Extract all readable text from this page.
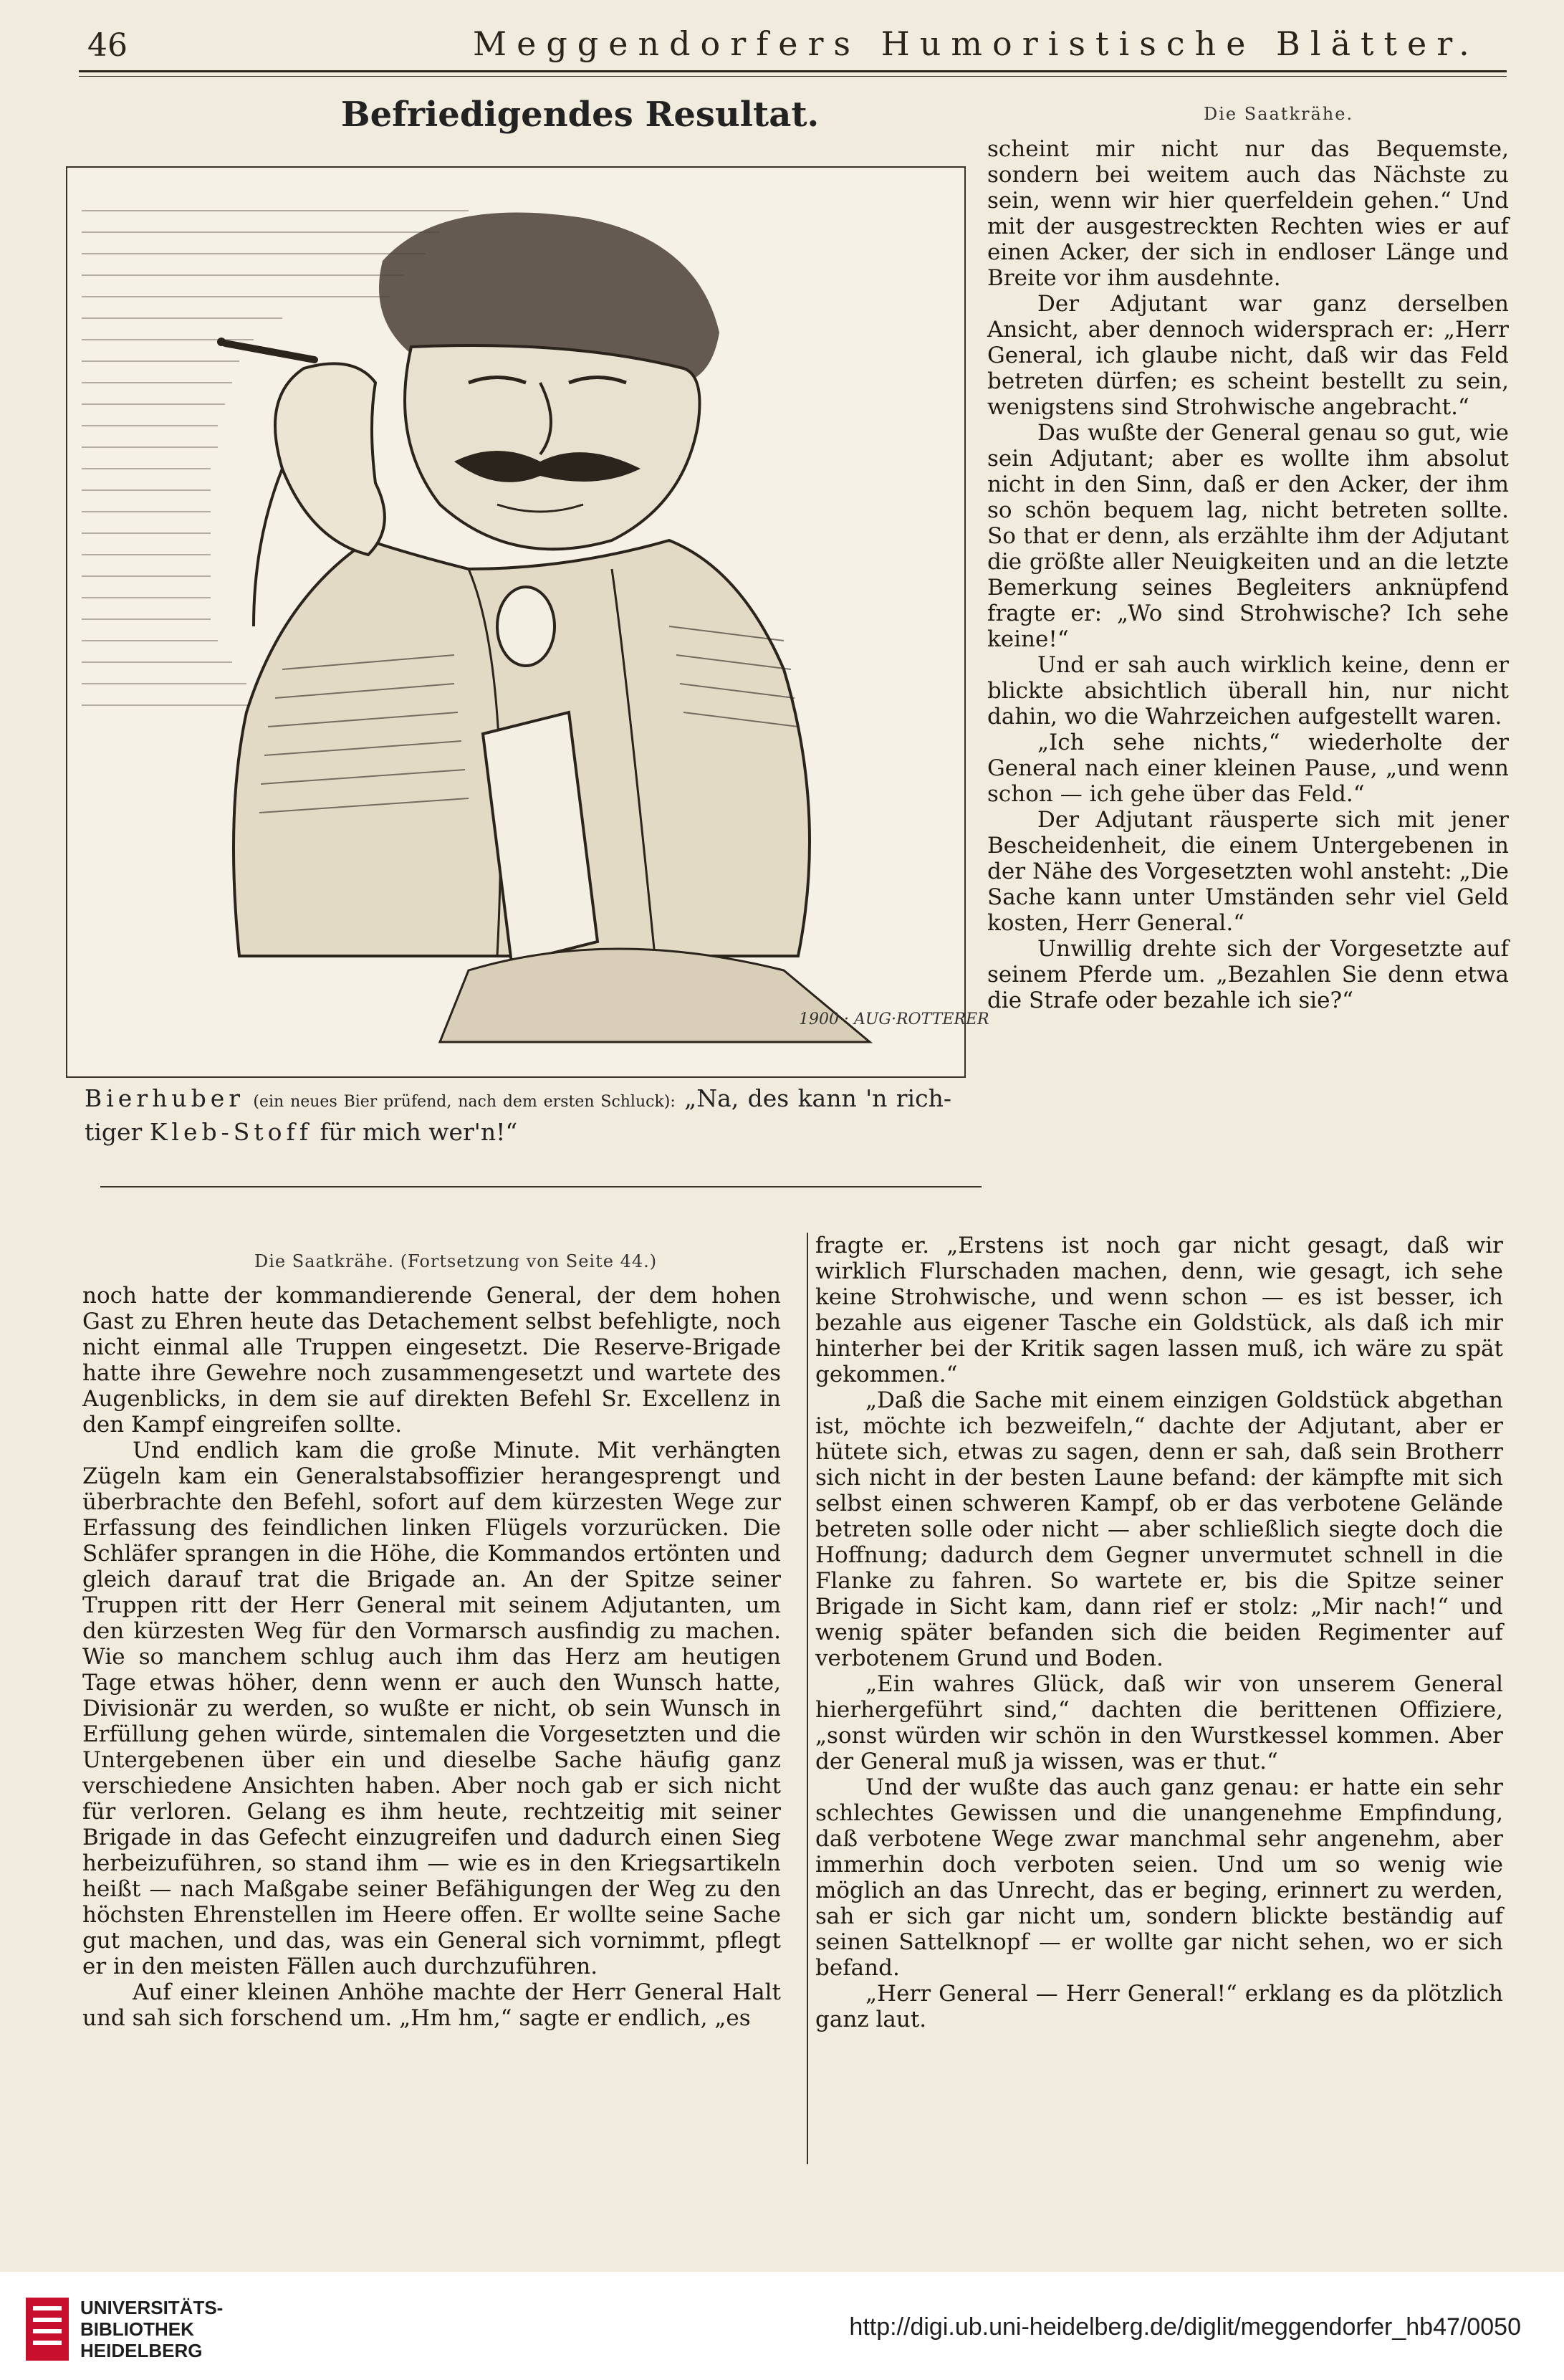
46	Meggendorfers Humoristische Blätter.
Befriedigendes Resultat.	Die Saatkrähe.
1900 · AUG·ROTTERER
Bierhuber (ein neues Bier prüfend, nach dem ersten Schluck): „Na, des kann 'n rich- tiger Kleb-Stoff für mich wer'n!“

scheint mir nicht nur das Bequemste, sondern bei weitem auch das Nächste zu sein, wenn wir hier querfeldein gehen.“ Und mit der ausgestreckten Rechten wies er auf einen Acker, der sich in endloser Länge und Breite vor ihm ausdehnte.

Der Adjutant war ganz derselben Ansicht, aber dennoch widersprach er: „Herr General, ich glaube nicht, daß wir das Feld betreten dürfen; es scheint bestellt zu sein, wenigstens sind Strohwische angebracht.“

Das wußte der General genau so gut, wie sein Adjutant; aber es wollte ihm absolut nicht in den Sinn, daß er den Acker, der ihm so schön bequem lag, nicht betreten sollte. So that er denn, als erzählte ihm der Adjutant die größte aller Neuigkeiten und an die letzte Bemerkung seines Begleiters anknüpfend fragte er: „Wo sind Strohwische? Ich sehe keine!“

Und er sah auch wirklich keine, denn er blickte absichtlich überall hin, nur nicht dahin, wo die Wahrzeichen aufgestellt waren.

„Ich sehe nichts,“ wiederholte der General nach einer kleinen Pause, „und wenn schon — ich gehe über das Feld.“

Der Adjutant räusperte sich mit jener Bescheidenheit, die einem Untergebenen in der Nähe des Vorgesetzten wohl ansteht: „Die Sache kann unter Umständen sehr viel Geld kosten, Herr General.“

Unwillig drehte sich der Vorgesetzte auf seinem Pferde um. „Bezahlen Sie denn etwa die Strafe oder bezahle ich sie?“

Die Saatkrähe. (Fortsetzung von Seite 44.)

noch hatte der kommandierende General, der dem hohen Gast zu Ehren heute das Detachement selbst befehligte, noch nicht einmal alle Truppen eingesetzt. Die Reserve-Brigade hatte ihre Gewehre noch zusammengesetzt und wartete des Augenblicks, in dem sie auf direkten Befehl Sr. Excellenz in den Kampf eingreifen sollte.

Und endlich kam die große Minute. Mit verhängten Zügeln kam ein Generalstabsoffizier herangesprengt und überbrachte den Befehl, sofort auf dem kürzesten Wege zur Erfassung des feindlichen linken Flügels vorzurücken. Die Schläfer sprangen in die Höhe, die Kommandos ertönten und gleich darauf trat die Brigade an. An der Spitze seiner Truppen ritt der Herr General mit seinem Adjutanten, um den kürzesten Weg für den Vormarsch ausfindig zu machen. Wie so manchem schlug auch ihm das Herz am heutigen Tage etwas höher, denn wenn er auch den Wunsch hatte, Divisionär zu werden, so wußte er nicht, ob sein Wunsch in Erfüllung gehen würde, sintemalen die Vorgesetzten und die Untergebenen über ein und dieselbe Sache häufig ganz verschiedene Ansichten haben. Aber noch gab er sich nicht für verloren. Gelang es ihm heute, rechtzeitig mit seiner Brigade in das Gefecht einzugreifen und dadurch einen Sieg herbeizuführen, so stand ihm — wie es in den Kriegsartikeln heißt — nach Maßgabe seiner Befähigungen der Weg zu den höchsten Ehrenstellen im Heere offen. Er wollte seine Sache gut machen, und das, was ein General sich vornimmt, pflegt er in den meisten Fällen auch durchzuführen.

Auf einer kleinen Anhöhe machte der Herr General Halt und sah sich forschend um. „Hm hm,“ sagte er endlich, „es

fragte er. „Erstens ist noch gar nicht gesagt, daß wir wirklich Flurschaden machen, denn, wie gesagt, ich sehe keine Strohwische, und wenn schon — es ist besser, ich bezahle aus eigener Tasche ein Goldstück, als daß ich mir hinterher bei der Kritik sagen lassen muß, ich wäre zu spät gekommen.“

„Daß die Sache mit einem einzigen Goldstück abgethan ist, möchte ich bezweifeln,“ dachte der Adjutant, aber er hütete sich, etwas zu sagen, denn er sah, daß sein Brotherr sich nicht in der besten Laune befand: der kämpfte mit sich selbst einen schweren Kampf, ob er das verbotene Gelände betreten solle oder nicht — aber schließlich siegte doch die Hoffnung; dadurch dem Gegner unvermutet schnell in die Flanke zu fahren. So wartete er, bis die Spitze seiner Brigade in Sicht kam, dann rief er stolz: „Mir nach!“ und wenig später befanden sich die beiden Regimenter auf verbotenem Grund und Boden.

„Ein wahres Glück, daß wir von unserem General hierhergeführt sind,“ dachten die berittenen Offiziere, „sonst würden wir schön in den Wurstkessel kommen. Aber der General muß ja wissen, was er thut.“

Und der wußte das auch ganz genau: er hatte ein sehr schlechtes Gewissen und die unangenehme Empfindung, daß verbotene Wege zwar manchmal sehr angenehm, aber immerhin doch verboten seien. Und um so wenig wie möglich an das Unrecht, das er beging, erinnert zu werden, sah er sich gar nicht um, sondern blickte beständig auf seinen Sattelknopf — er wollte gar nicht sehen, wo er sich befand.

„Herr General — Herr General!“ erklang es da plötzlich ganz laut.

UNIVERSITÄTS-
BIBLIOTHEK
HEIDELBERG
http://digi.ub.uni-heidelberg.de/diglit/meggendorfer_hb47/0050
